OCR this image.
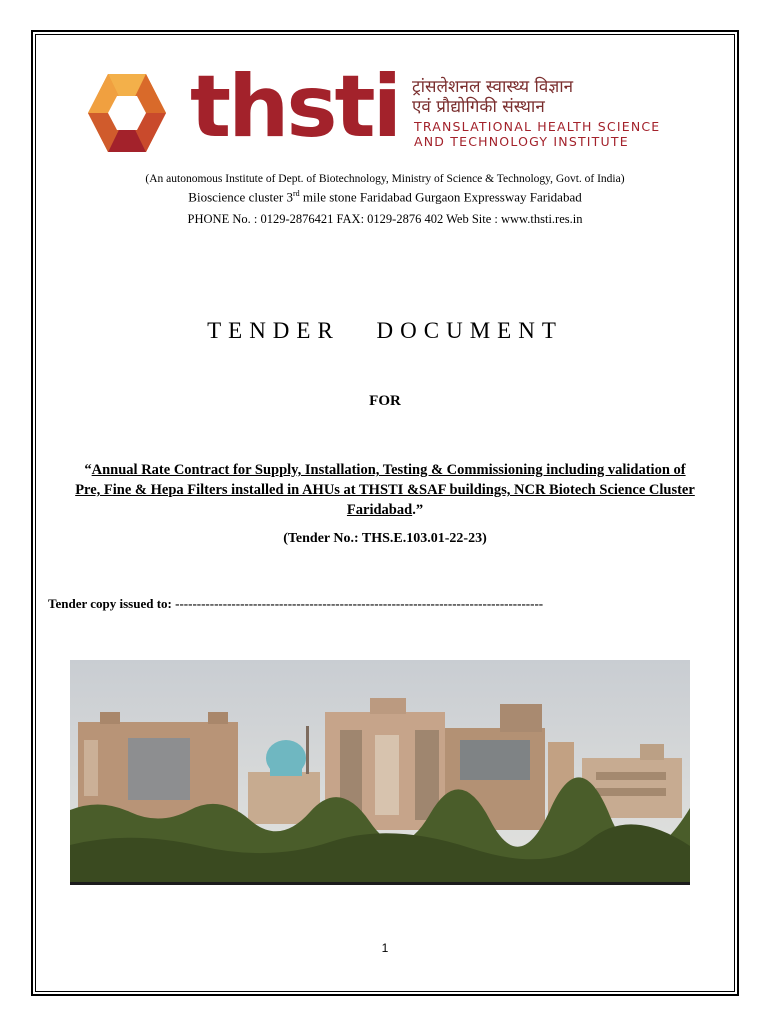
thsti ट्रांसलेशनल स्वास्थ्य विज्ञान
एवं प्रौद्योगिकी संस्थान
TRANSLATIONAL HEALTH SCIENCE
AND TECHNOLOGY INSTITUTE
(An autonomous Institute of Dept. of Biotechnology, Ministry of Science & Technology, Govt. of India)
Bioscience cluster 3rd mile stone Faridabad Gurgaon Expressway Faridabad
PHONE No. : 0129-2876421 FAX: 0129-2876 402 Web Site : www.thsti.res.in
TENDER DOCUMENT
FOR
“Annual Rate Contract for Supply, Installation, Testing & Commissioning including validation of
Pre, Fine & Hepa Filters installed in AHUs at THSTI &SAF buildings, NCR Biotech Science Cluster
Faridabad.”
(Tender No.: THS.E.103.01-22-23)
Tender copy issued to: -------------------------------------------------------------------------------------
1
